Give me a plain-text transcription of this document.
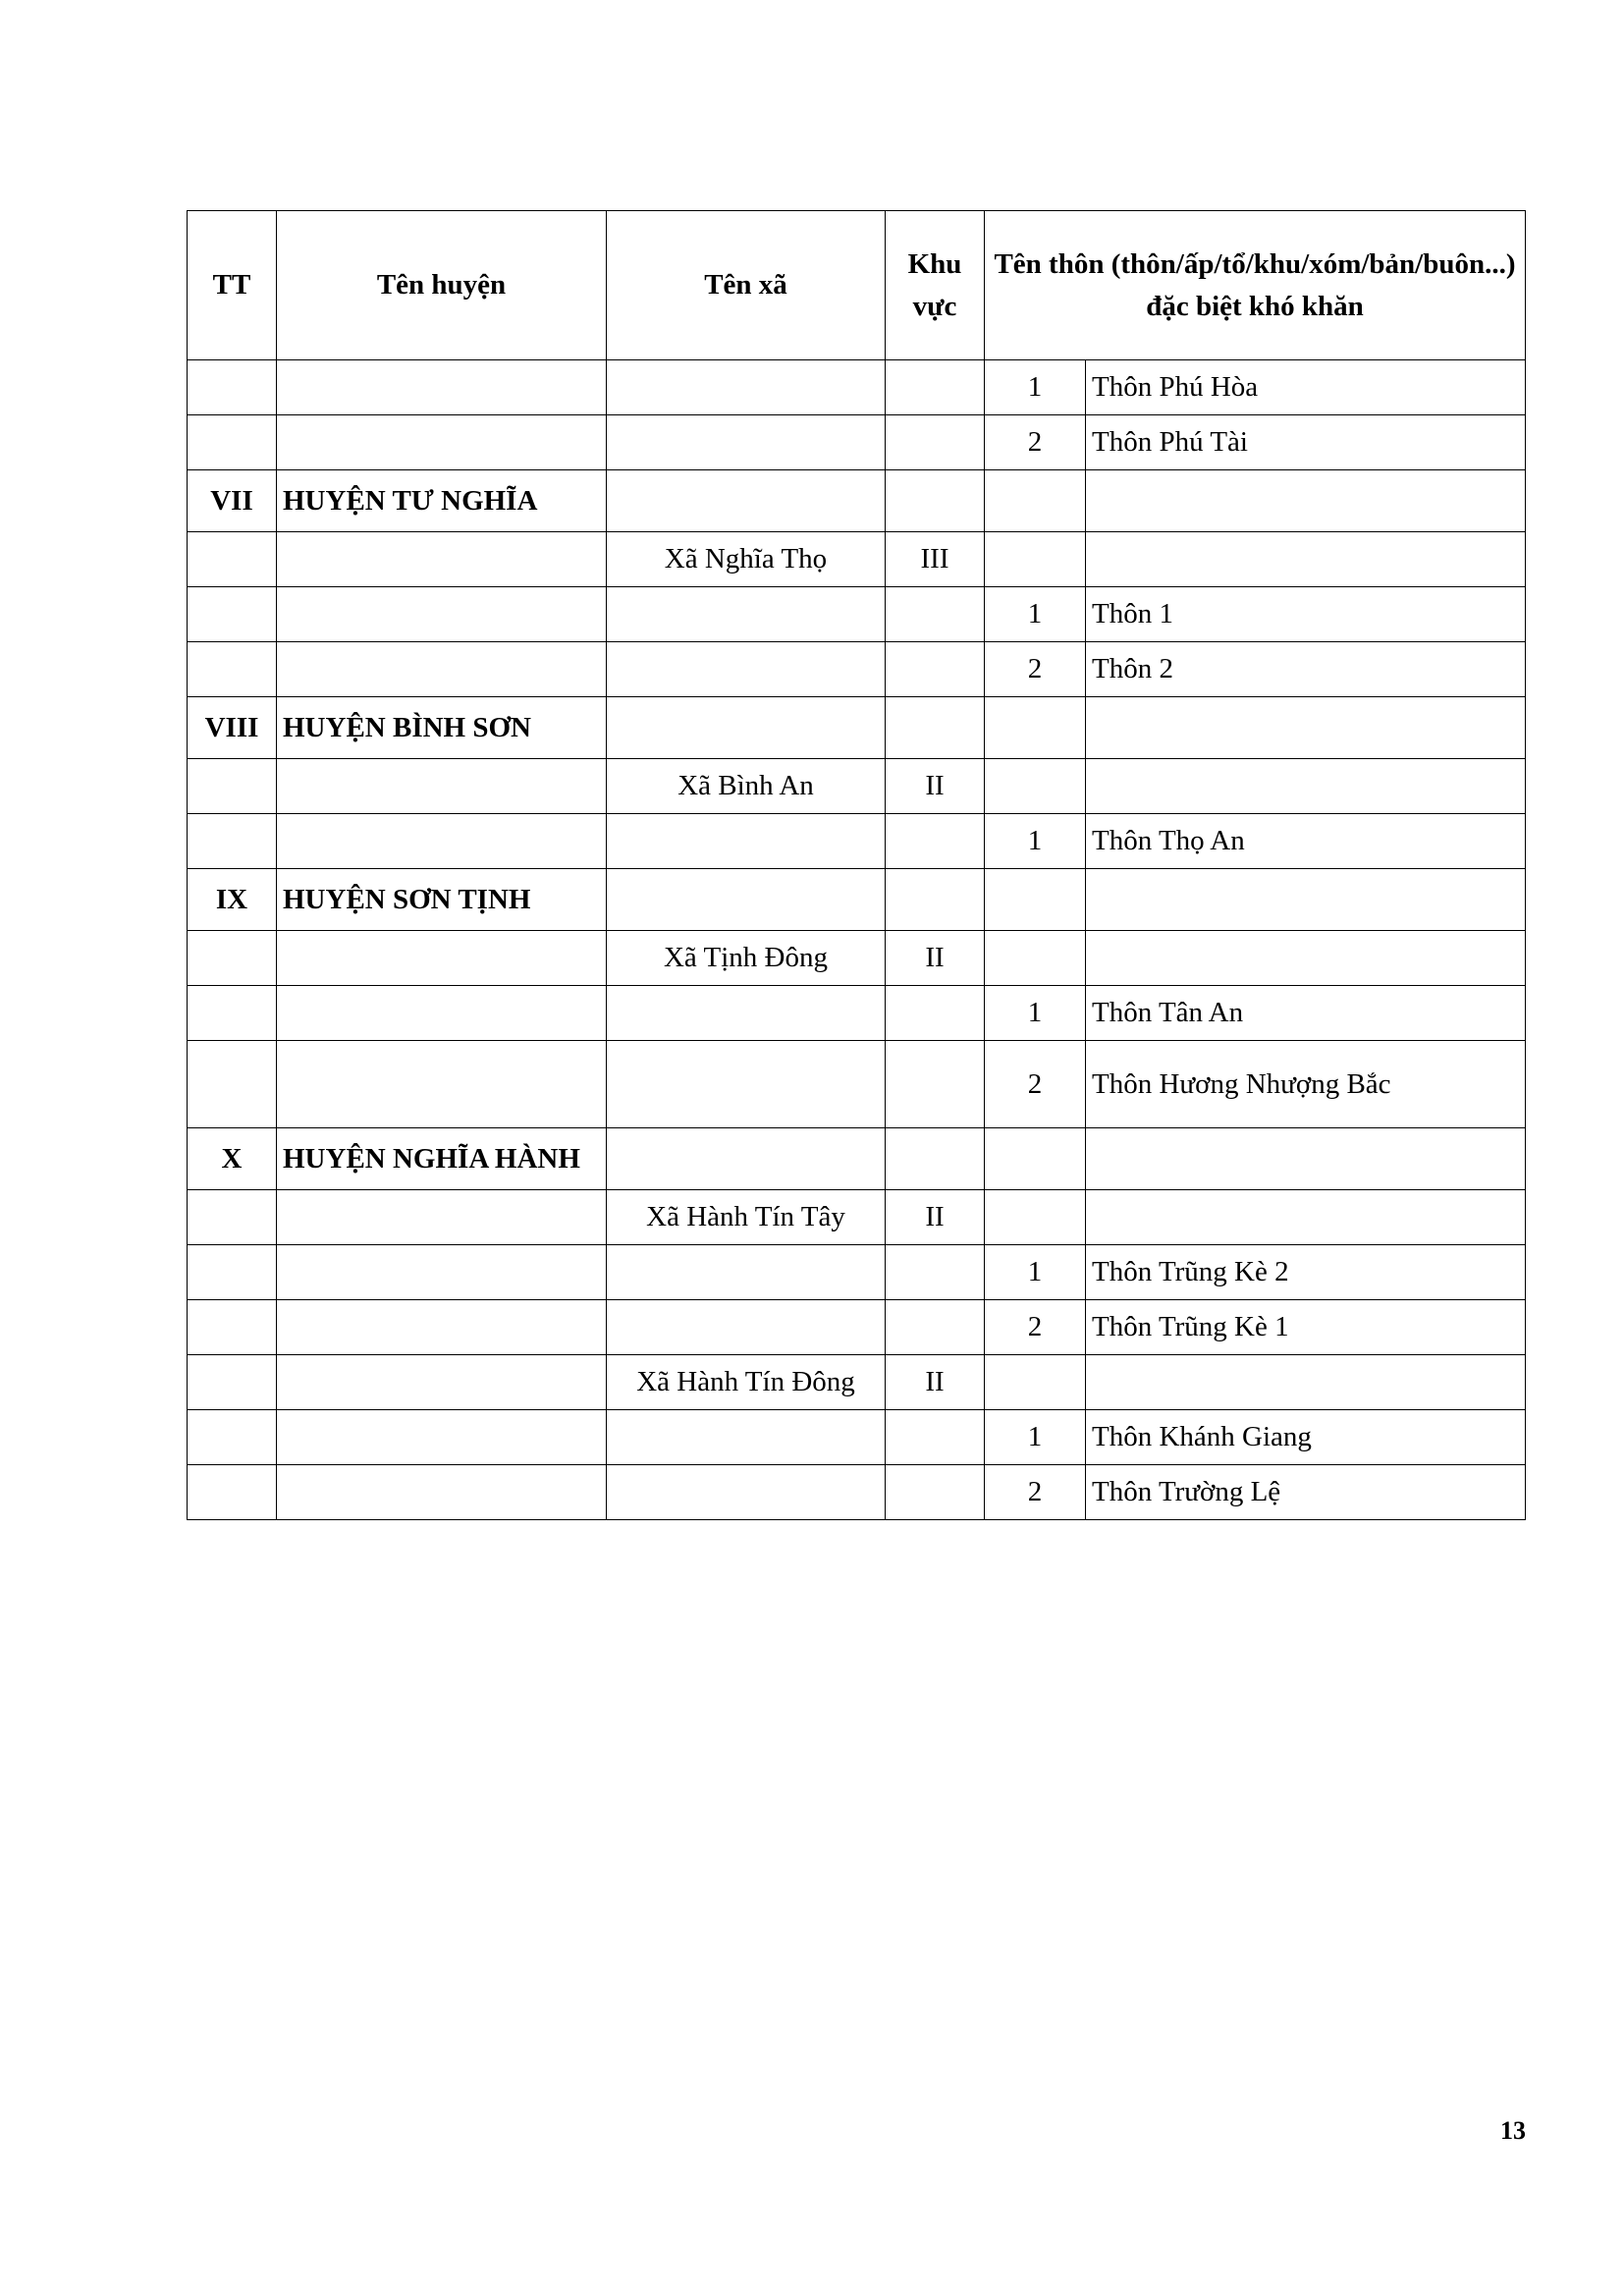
TT	Tên huyện	Tên xã	Khu vực	Tên thôn (thôn/ấp/tổ/khu/xóm/bản/buôn...) đặc biệt khó khăn	
				1	Thôn Phú Hòa
				2	Thôn Phú Tài
VII	HUYỆN TƯ NGHĨA				
		Xã Nghĩa Thọ	III		
				1	Thôn 1
				2	Thôn 2
VIII	HUYỆN BÌNH SƠN				
		Xã Bình An	II		
				1	Thôn Thọ An
IX	HUYỆN SƠN TỊNH				
		Xã Tịnh Đông	II		
				1	Thôn Tân An
				2	Thôn Hương Nhượng Bắc
X	HUYỆN NGHĨA HÀNH				
		Xã Hành Tín Tây	II		
				1	Thôn Trũng Kè 2
				2	Thôn Trũng Kè 1
		Xã Hành Tín Đông	II		
				1	Thôn Khánh Giang
				2	Thôn Trường Lệ
13
